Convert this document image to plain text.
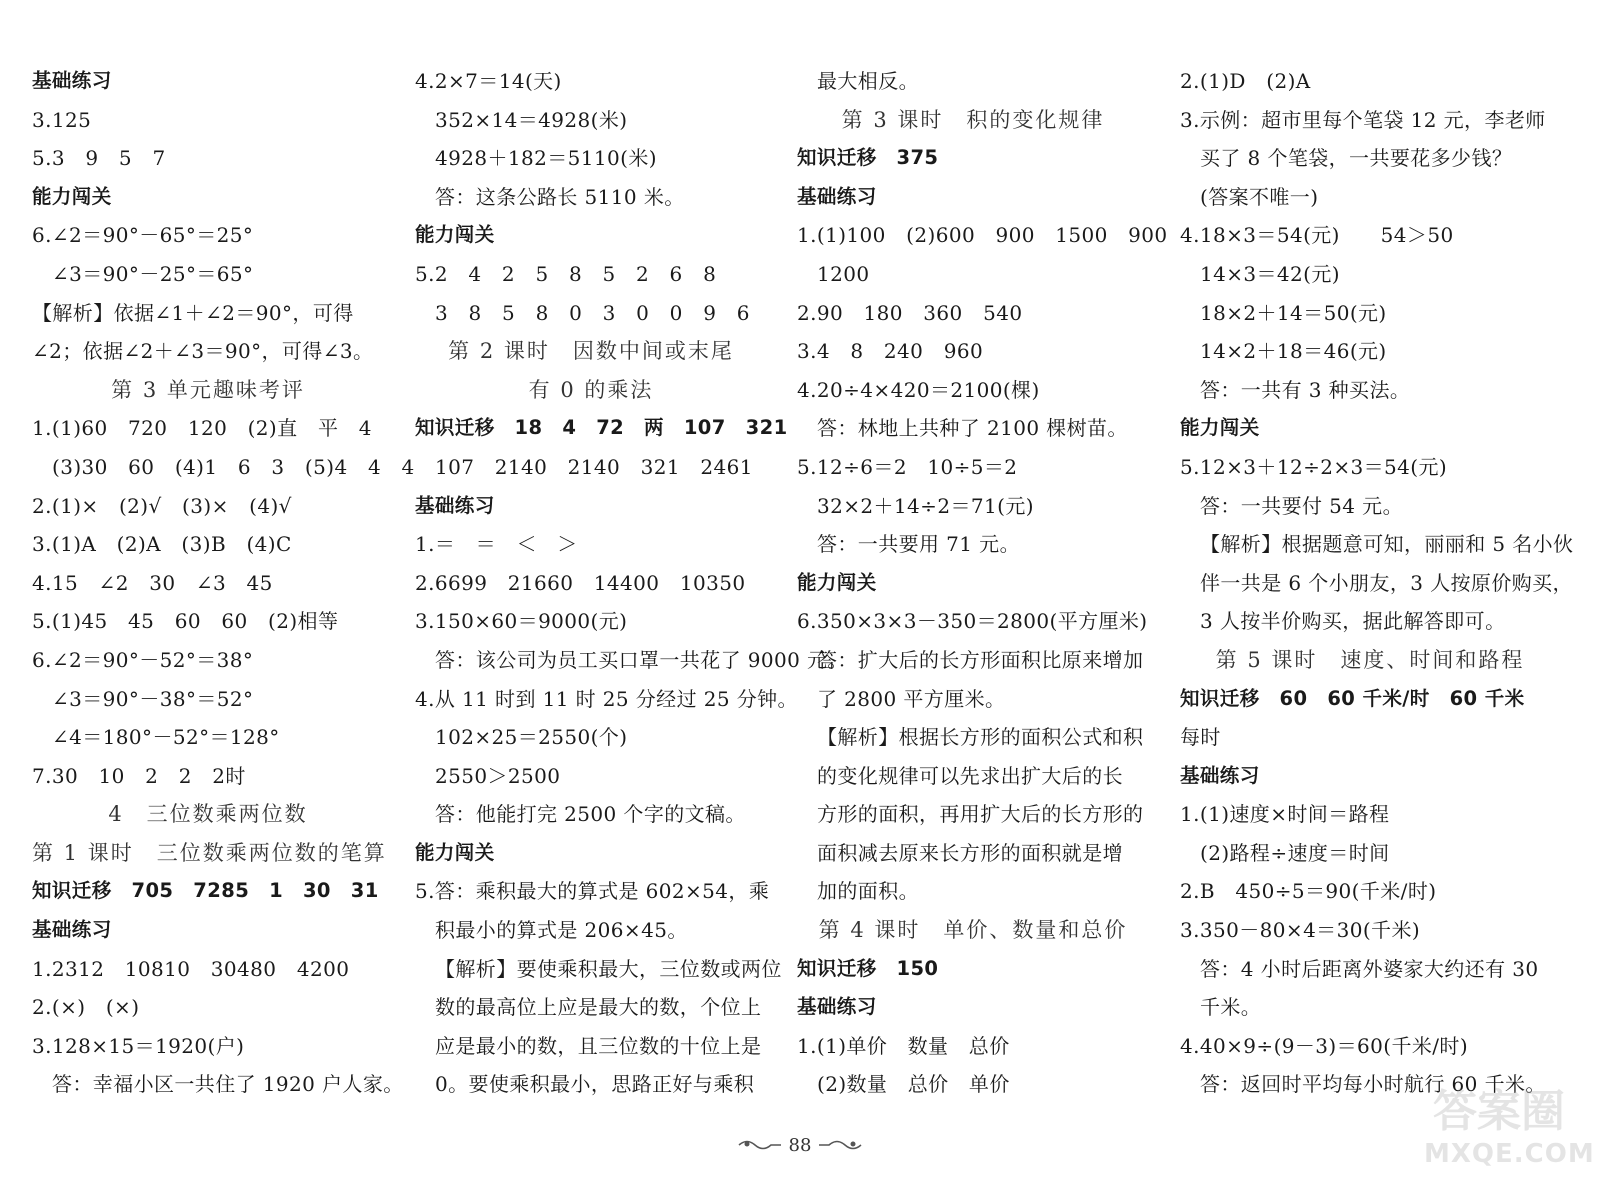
基础练习
3.125
5.3　9　5　7
能力闯关
6.∠2＝90°－65°＝25°
∠3＝90°－25°＝65°
【解析】依据∠1＋∠2＝90°，可得
∠2；依据∠2＋∠3＝90°，可得∠3。
第 3 单元趣味考评
1.(1)60　720　120　(2)直　平　4
(3)30　60　(4)1　6　3　(5)4　4　4
2.(1)×　(2)√　(3)×　(4)√
3.(1)A　(2)A　(3)B　(4)C
4.15　∠2　30　∠3　45
5.(1)45　45　60　60　(2)相等
6.∠2＝90°－52°＝38°
∠3＝90°－38°＝52°
∠4＝180°－52°＝128°
7.30　10　2　2　2时
4　三位数乘两位数
第 1 课时　三位数乘两位数的笔算
知识迁移　705　7285　1　30　31
基础练习
1.2312　10810　30480　4200
2.(×)　(×)
3.128×15＝1920(户)
答：幸福小区一共住了 1920 户人家。
4.2×7＝14(天)
352×14＝4928(米)
4928＋182＝5110(米)
答：这条公路长 5110 米。
能力闯关
5.2　4　2　5　8　5　2　6　8
3　8　5　8　0　3　0　0　9　6
第 2 课时　因数中间或末尾
有 0 的乘法
知识迁移　18　4　72　两　107　321
107　2140　2140　321　2461
基础练习
1.＝　＝　＜　＞
2.6699　21660　14400　10350
3.150×60＝9000(元)
答：该公司为员工买口罩一共花了 9000 元。
4.从 11 时到 11 时 25 分经过 25 分钟。
102×25＝2550(个)
2550＞2500
答：他能打完 2500 个字的文稿。
能力闯关
5.答：乘积最大的算式是 602×54，乘
积最小的算式是 206×45。
【解析】要使乘积最大，三位数或两位
数的最高位上应是最大的数，个位上
应是最小的数，且三位数的十位上是
0。要使乘积最小，思路正好与乘积
最大相反。
第 3 课时　积的变化规律
知识迁移　375
基础练习
1.(1)100　(2)600　900　1500　900
1200
2.90　180　360　540
3.4　8　240　960
4.20÷4×420＝2100(棵)
答：林地上共种了 2100 棵树苗。
5.12÷6＝2　10÷5＝2
32×2＋14÷2＝71(元)
答：一共要用 71 元。
能力闯关
6.350×3×3－350＝2800(平方厘米)
答：扩大后的长方形面积比原来增加
了 2800 平方厘米。
【解析】根据长方形的面积公式和积
的变化规律可以先求出扩大后的长
方形的面积，再用扩大后的长方形的
面积减去原来长方形的面积就是增
加的面积。
第 4 课时　单价、数量和总价
知识迁移　150
基础练习
1.(1)单价　数量　总价
(2)数量　总价　单价
2.(1)D　(2)A
3.示例：超市里每个笔袋 12 元，李老师
买了 8 个笔袋，一共要花多少钱？
(答案不唯一)
4.18×3＝54(元)　　54＞50
14×3＝42(元)
18×2＋14＝50(元)
14×2＋18＝46(元)
答：一共有 3 种买法。
能力闯关
5.12×3＋12÷2×3＝54(元)
答：一共要付 54 元。
【解析】根据题意可知，丽丽和 5 名小伙
伴一共是 6 个小朋友，3 人按原价购买，
3 人按半价购买，据此解答即可。
第 5 课时　速度、时间和路程
知识迁移　60　60 千米/时　60 千米
每时
基础练习
1.(1)速度×时间＝路程
(2)路程÷速度＝时间
2.B　450÷5＝90(千米/时)
3.350－80×4＝30(千米)
答：4 小时后距离外婆家大约还有 30
千米。
4.40×9÷(9－3)＝60(千米/时)
答：返回时平均每小时航行 60 千米。
88
答案圈
MXQE.COM
